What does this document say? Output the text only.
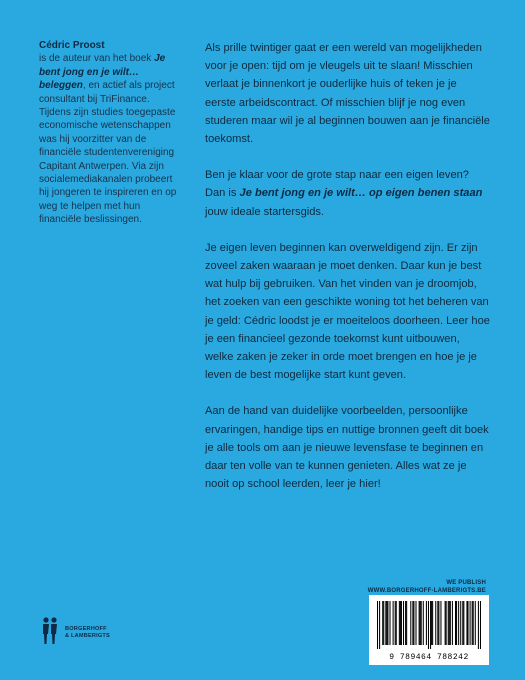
Cédric Proost
is de auteur van het boek Je bent jong en je wilt… beleggen, en actief als project consultant bij TriFinance. Tijdens zijn studies toegepaste economische wetenschappen was hij voorzitter van de financiële studentenvereniging Capitant Antwerpen. Via zijn socialemediakanalen probeert hij jongeren te inspireren en op weg te helpen met hun financiële beslissingen.

Als prille twintiger gaat er een wereld van mogelijkheden voor je open: tijd om je vleugels uit te slaan! Misschien verlaat je binnenkort je ouderlijke huis of teken je je eerste arbeidscontract. Of misschien blijf je nog even studeren maar wil je al beginnen bouwen aan je financiële toekomst.

Ben je klaar voor de grote stap naar een eigen leven? Dan is Je bent jong en je wilt… op eigen benen staan jouw ideale startersgids.

Je eigen leven beginnen kan overweldigend zijn. Er zijn zoveel zaken waaraan je moet denken. Daar kun je best wat hulp bij gebruiken. Van het vinden van je droomjob, het zoeken van een geschikte woning tot het beheren van je geld: Cédric loodst je er moeiteloos doorheen. Leer hoe je een financieel gezonde toekomst kunt uitbouwen, welke zaken je zeker in orde moet brengen en hoe je je leven de best mogelijke start kunt geven.

Aan de hand van duidelijke voorbeelden, persoonlijke ervaringen, handige tips en nuttige bronnen geeft dit boek je alle tools om aan je nieuwe levensfase te beginnen en daar ten volle van te kunnen genieten. Alles wat ze je nooit op school leerden, leer je hier!

WE PUBLISH
WWW.BORGERHOFF-LAMBERIGTS.BE
BORGERHOFF
& LAMBERIGTS
9 789464 788242
